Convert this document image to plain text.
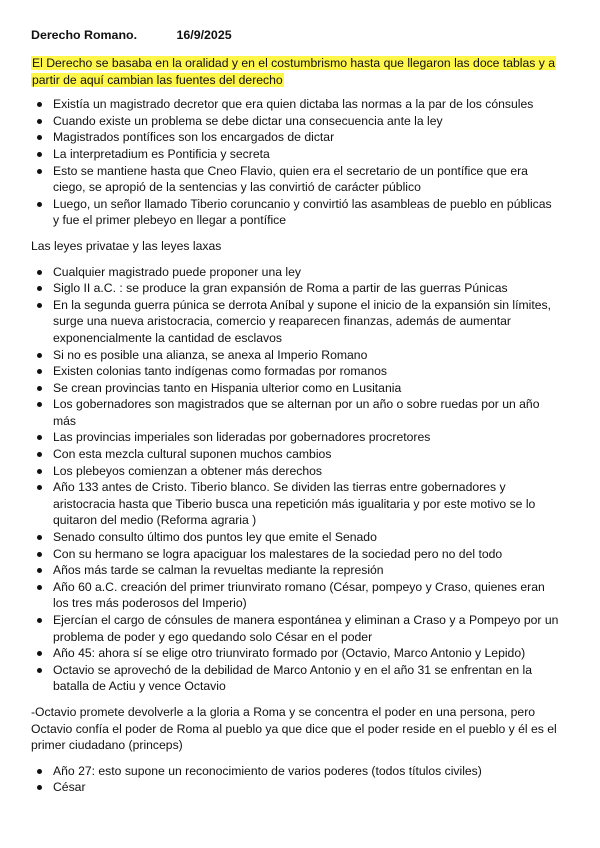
Derecho Romano.	16/9/2025
El Derecho se basaba en la oralidad y en el costumbrismo hasta que llegaron las doce tablas y a partir de aquí cambian las fuentes del derecho
Existía un magistrado decretor que era quien dictaba las normas a la par de los cónsules
Cuando existe un problema se debe dictar una consecuencia ante la ley
Magistrados pontífices son los encargados de dictar
La interpretadium es Pontificia y secreta
Esto se mantiene hasta que Cneo Flavio, quien era el secretario de un pontífice que era ciego, se apropió de la sentencias y las convirtió de carácter público
Luego, un señor llamado Tiberio coruncanio y convirtió las asambleas de pueblo en públicas y fue el primer plebeyo en llegar a pontífice
Las leyes privatae y las leyes laxas
Cualquier magistrado puede proponer una ley
Siglo II a.C. : se produce la gran expansión de Roma a partir de las guerras Púnicas
En la segunda guerra púnica se derrota Aníbal y supone el inicio de la expansión sin límites, surge una nueva aristocracia, comercio y reaparecen finanzas, además de aumentar exponencialmente la cantidad de esclavos
Si no es posible una alianza, se anexa al Imperio Romano
Existen colonias tanto indígenas como formadas por romanos
Se crean provincias tanto en Hispania ulterior como en Lusitania
Los gobernadores son magistrados que se alternan por un año o sobre ruedas por un año más
Las provincias imperiales son lideradas por gobernadores procretores
Con esta mezcla cultural suponen muchos cambios
Los plebeyos comienzan a obtener más derechos
Año 133 antes de Cristo. Tiberio blanco. Se dividen las tierras entre gobernadores y aristocracia hasta que Tiberio busca una repetición más igualitaria y por este motivo se lo quitaron del medio (Reforma agraria )
Senado consulto último dos puntos ley que emite el Senado
Con su hermano se logra apaciguar los malestares de la sociedad pero no del todo
Años más tarde se calman la revueltas mediante la represión
Año 60 a.C. creación del primer triunvirato romano (César, pompeyo y Craso, quienes eran los tres más poderosos del Imperio)
Ejercían el cargo de cónsules de manera espontánea y eliminan a Craso y a Pompeyo por un problema de poder y ego quedando solo César en el poder
Año 45: ahora sí se elige otro triunvirato formado por (Octavio, Marco Antonio y Lepido)
Octavio se aprovechó de la debilidad de Marco Antonio y en el año 31 se enfrentan en la batalla de Actiu y vence Octavio
-Octavio promete devolverle a la gloria a Roma y se concentra el poder en una persona, pero Octavio confía el poder de Roma al pueblo ya que dice que el poder reside en el pueblo y él es el primer ciudadano (princeps)
Año 27: esto supone un reconocimiento de varios poderes (todos títulos civiles)
César
